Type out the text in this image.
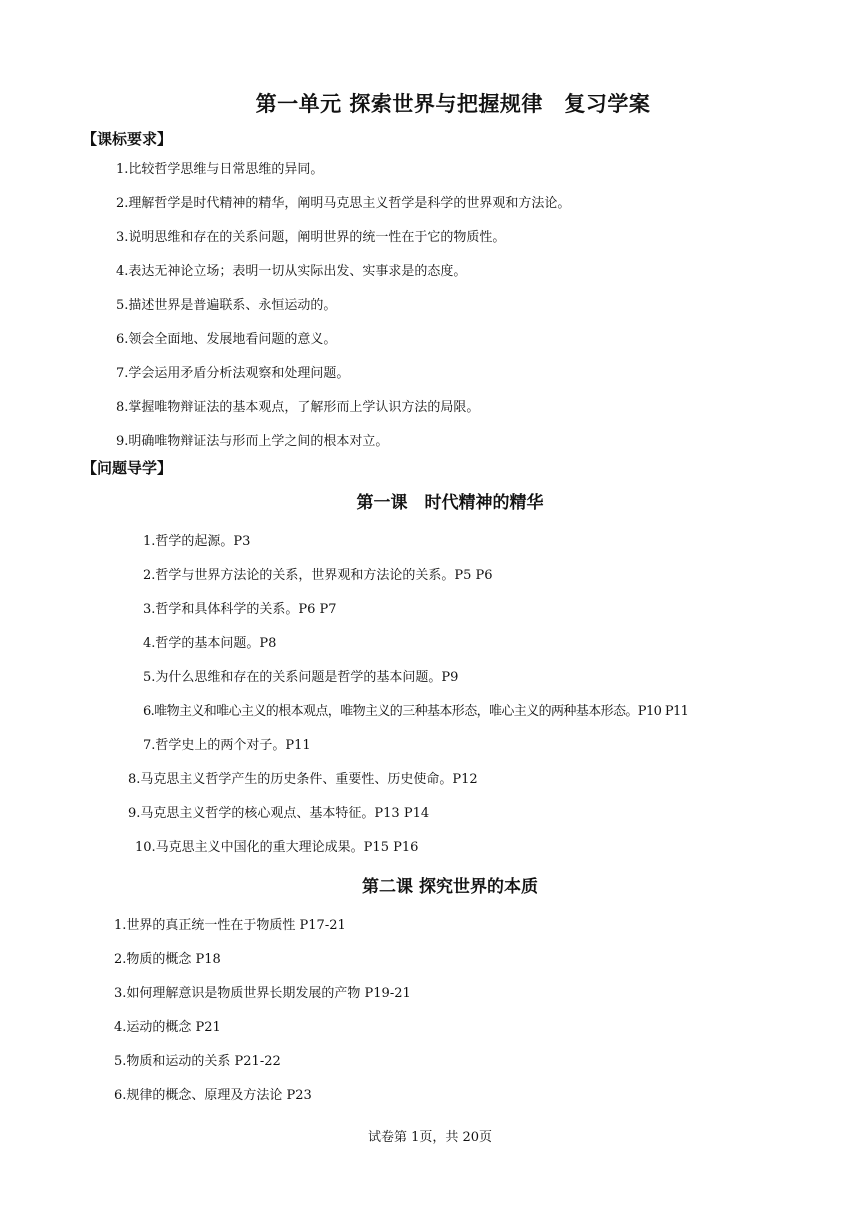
第一单元 探索世界与把握规律　复习学案
【课标要求】
1.比较哲学思维与日常思维的异同。
2.理解哲学是时代精神的精华，阐明马克思主义哲学是科学的世界观和方法论。
3.说明思维和存在的关系问题，阐明世界的统一性在于它的物质性。
4.表达无神论立场；表明一切从实际出发、实事求是的态度。
5.描述世界是普遍联系、永恒运动的。
6.领会全面地、发展地看问题的意义。
7.学会运用矛盾分析法观察和处理问题。
8.掌握唯物辩证法的基本观点，了解形而上学认识方法的局限。
9.明确唯物辩证法与形而上学之间的根本对立。
【问题导学】
第一课　时代精神的精华
1.哲学的起源。P3
2.哲学与世界方法论的关系，世界观和方法论的关系。P5 P6
3.哲学和具体科学的关系。P6 P7
4.哲学的基本问题。P8
5.为什么思维和存在的关系问题是哲学的基本问题。P9
6.唯物主义和唯心主义的根本观点，唯物主义的三种基本形态，唯心主义的两种基本形态。P10 P11
7.哲学史上的两个对子。P11
8.马克思主义哲学产生的历史条件、重要性、历史使命。P12
9.马克思主义哲学的核心观点、基本特征。P13 P14
10.马克思主义中国化的重大理论成果。P15 P16
第二课 探究世界的本质
1.世界的真正统一性在于物质性 P17-21
2.物质的概念 P18
3.如何理解意识是物质世界长期发展的产物 P19-21
4.运动的概念 P21
5.物质和运动的关系 P21-22
6.规律的概念、原理及方法论 P23
试卷第 1页，共 20页
